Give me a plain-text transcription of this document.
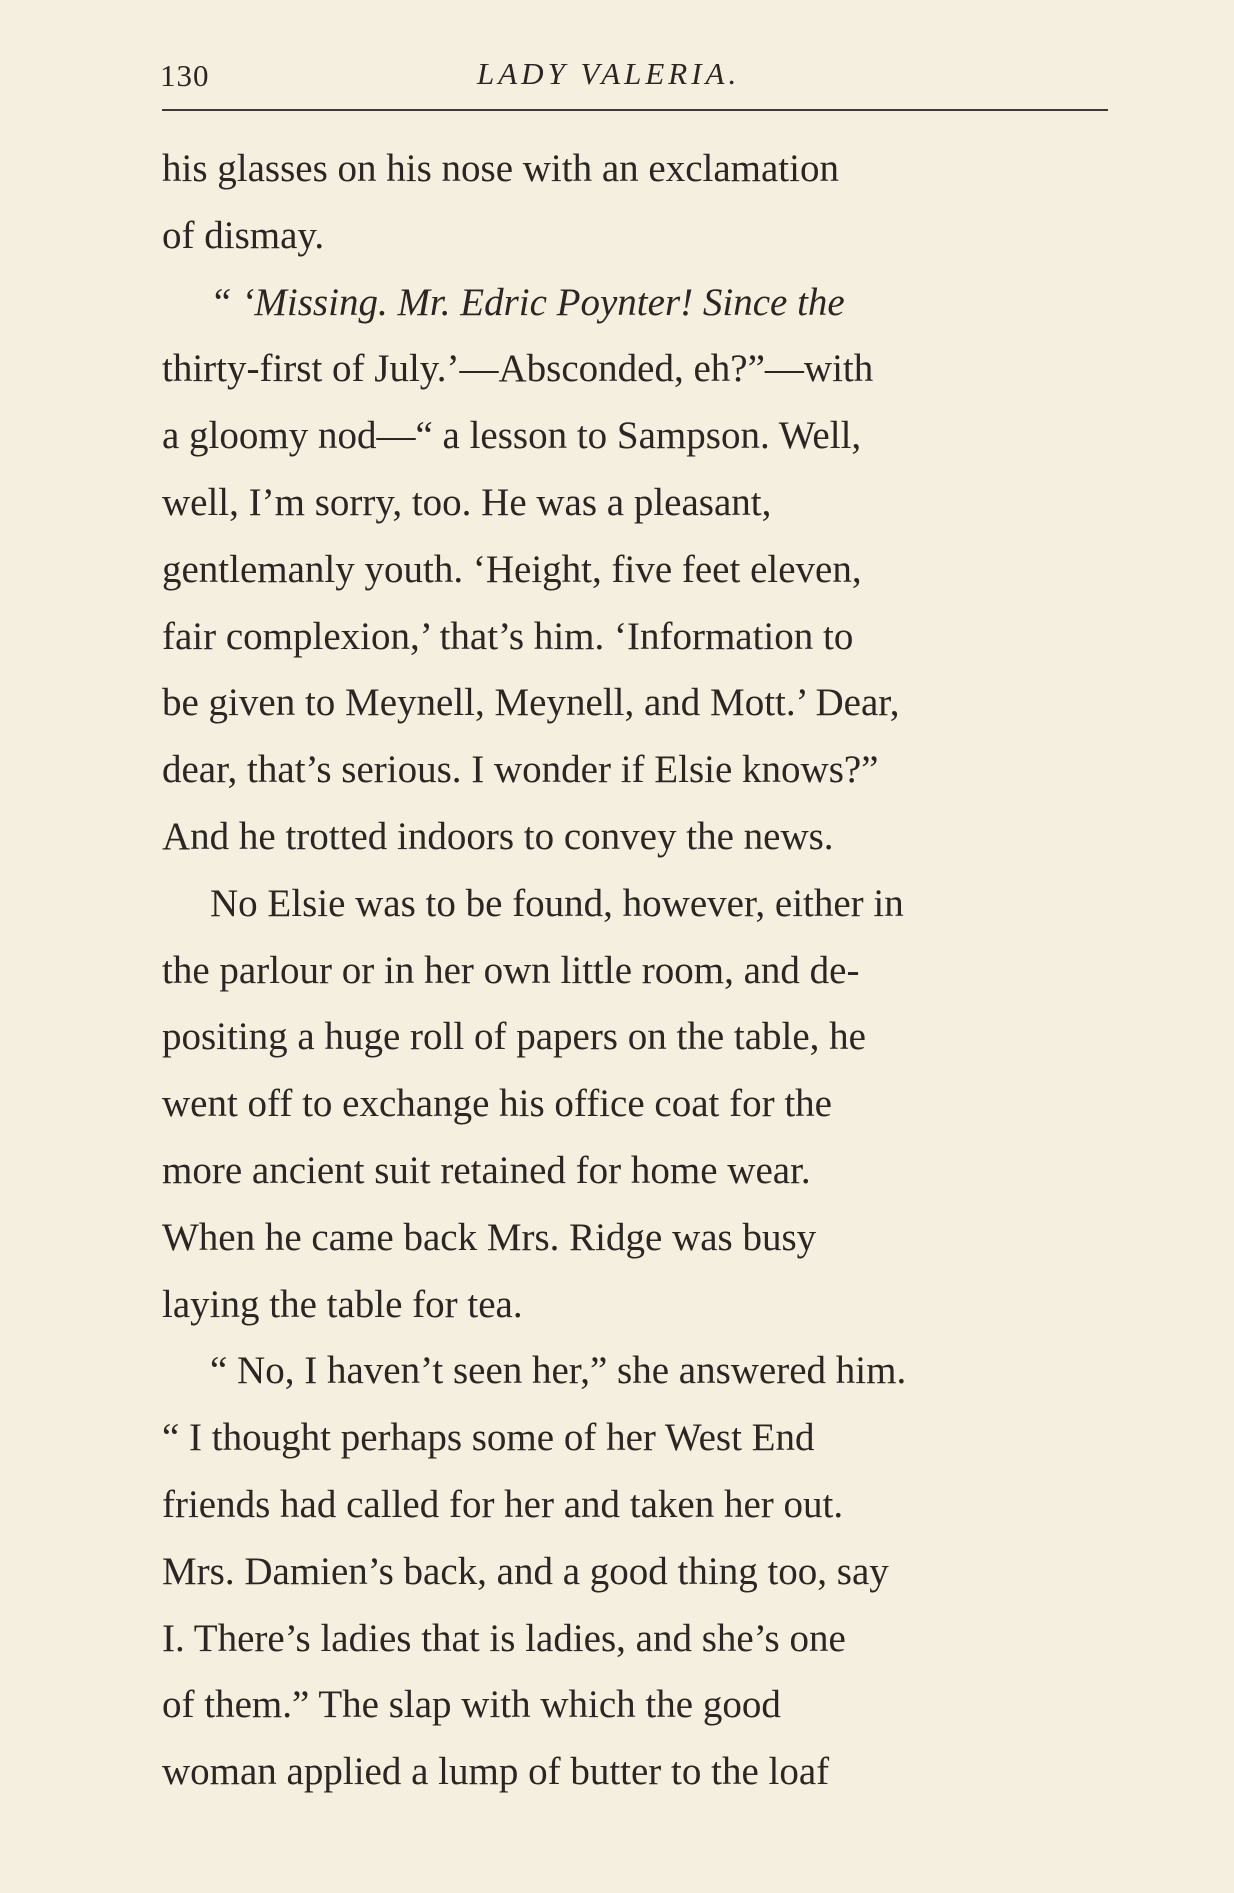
130	LADY VALERIA.
his glasses on his nose with an exclamation
of dismay.
“ ‘Missing. Mr. Edric Poynter! Since the
thirty-first of July.’—Absconded, eh?”—with
a gloomy nod—“ a lesson to Sampson. Well,
well, I’m sorry, too. He was a pleasant,
gentlemanly youth. ‘Height, five feet eleven,
fair complexion,’ that’s him. ‘Information to
be given to Meynell, Meynell, and Mott.’ Dear,
dear, that’s serious. I wonder if Elsie knows?”
And he trotted indoors to convey the news.
No Elsie was to be found, however, either in
the parlour or in her own little room, and de-
positing a huge roll of papers on the table, he
went off to exchange his office coat for the
more ancient suit retained for home wear.
When he came back Mrs. Ridge was busy
laying the table for tea.
“ No, I haven’t seen her,” she answered him.
“ I thought perhaps some of her West End
friends had called for her and taken her out.
Mrs. Damien’s back, and a good thing too, say
I. There’s ladies that is ladies, and she’s one
of them.” The slap with which the good
woman applied a lump of butter to the loaf
